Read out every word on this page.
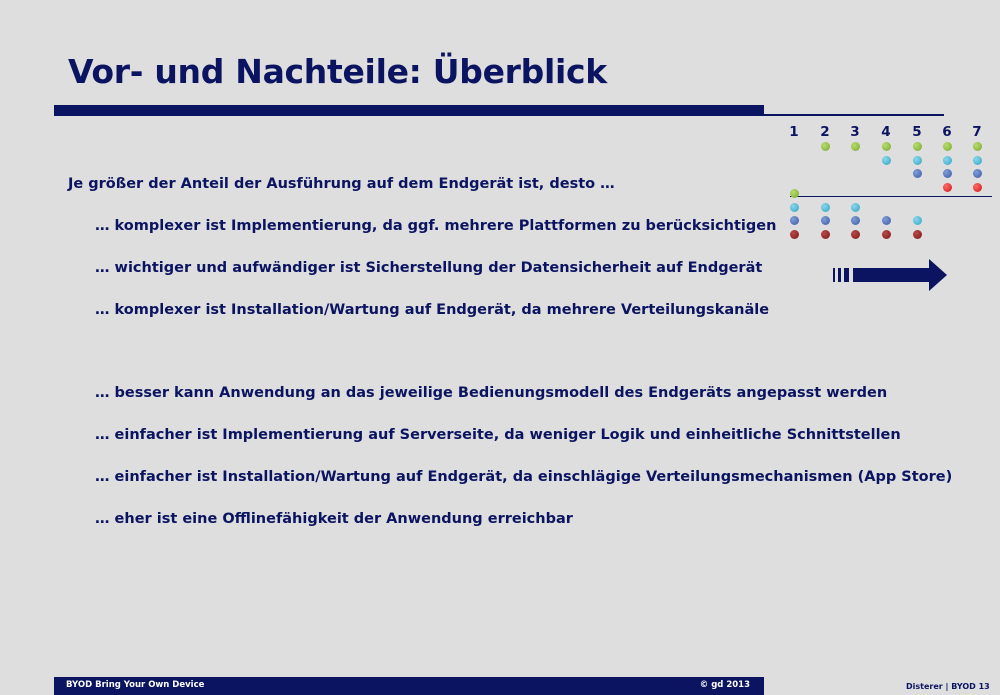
Vor- und Nachteile: Überblick

Je größer der Anteil der Ausführung auf dem Endgerät ist, desto …

… komplexer ist Implementierung, da ggf. mehrere Plattformen zu berücksichtigen

… wichtiger und aufwändiger ist Sicherstellung der Datensicherheit auf Endgerät

… komplexer ist Installation/Wartung auf Endgerät, da mehrere Verteilungskanäle

… besser kann Anwendung an das jeweilige Bedienungsmodell des Endgeräts angepasst werden

… einfacher ist Implementierung auf Serverseite, da weniger Logik und einheitliche Schnittstellen

… einfacher ist Installation/Wartung auf Endgerät, da einschlägige Verteilungsmechanismen (App Store)

… eher ist eine Offlinefähigkeit der Anwendung erreichbar

1	2	3	4	5	6	7
BYOD Bring Your Own Device	© gd 2013	Disterer | BYOD 13
